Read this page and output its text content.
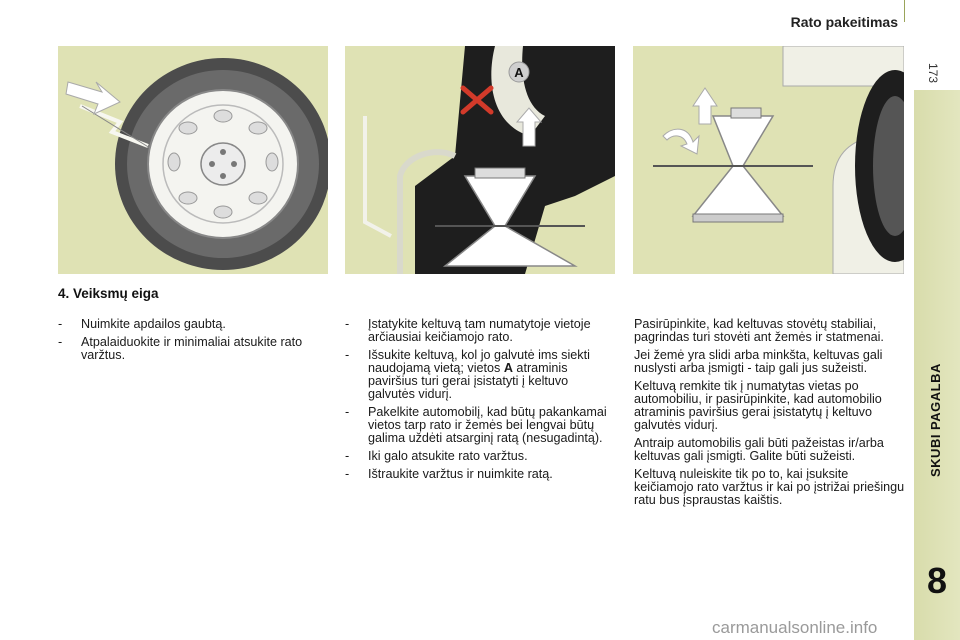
Rato pakeitimas
173
SKUBI PAGALBA
8
A
4. Veiksmų eiga
- Nuimkite apdailos gaubtą.
- Atpalaiduokite ir minimaliai atsukite rato varžtus.
- Įstatykite keltuvą tam numatytoje vietoje arčiausiai keičiamojo rato.
- Išsukite keltuvą, kol jo galvutė ims siekti naudojamą vietą; vietos A atraminis paviršius turi gerai įsistatyti į keltuvo galvutės vidurį.
- Pakelkite automobilį, kad būtų pakankamai vietos tarp rato ir žemės bei lengvai būtų galima uždėti atsarginį ratą (nesugadintą).
- Iki galo atsukite rato varžtus.
- Ištraukite varžtus ir nuimkite ratą.
Pasirūpinkite, kad keltuvas stovėtų stabiliai, pagrindas turi stovėti ant žemės ir statmenai.
Jei žemė yra slidi arba minkšta, keltuvas gali nuslysti arba įsmigti - taip gali jus sužeisti.
Keltuvą remkite tik į numatytas vietas po automobiliu, ir pasirūpinkite, kad automobilio atraminis paviršius gerai įsistatytų į keltuvo galvutės vidurį.
Antraip automobilis gali būti pažeistas ir/arba keltuvas gali įsmigti. Galite būti sužeisti.
Keltuvą nuleiskite tik po to, kai įsuksite keičiamojo rato varžtus ir kai po įstrižai priešingu ratu bus įspraustas kaištis.
carmanualsonline.info
